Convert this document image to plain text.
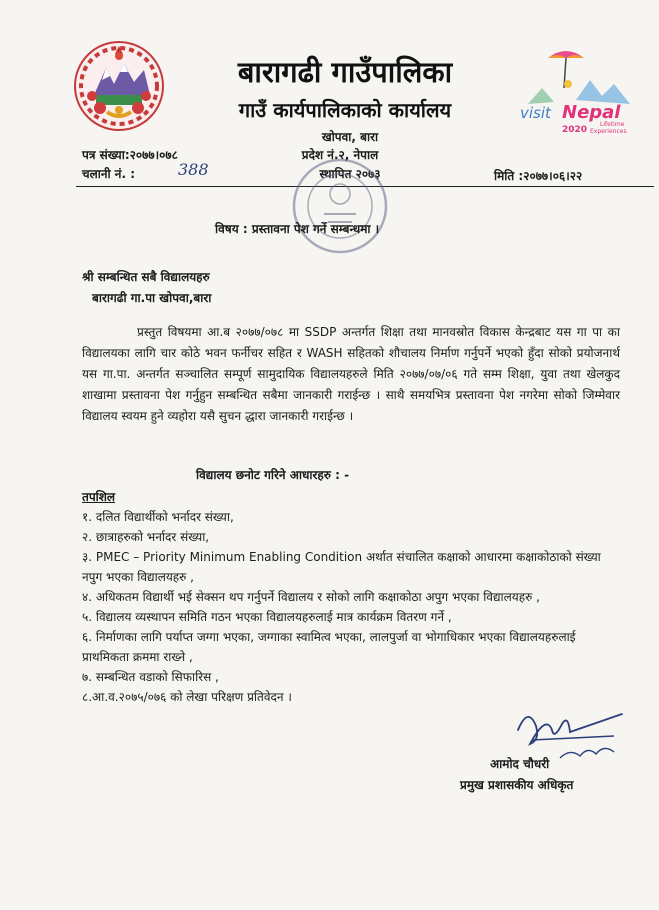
बारागढी गाउँपालिका
गाउँ कार्यपालिकाको कार्यालय
खोपवा, बारा
प्रदेश नं.२, नेपाल
स्थापित २०७३
visit Nepal
2020
Lifetime
Experiences
पत्र संख्या:२०७७।०७८
चलानी नं. :	388	मिति :२०७७।०६।२२
विषय : प्रस्तावना पेश गर्ने सम्बन्धमा ।
श्री सम्बन्धित सबै विद्यालयहरु
बारागढी गा.पा खोपवा,बारा

प्रस्तुत विषयमा आ.ब २०७७/०७८ मा SSDP अन्तर्गत शिक्षा तथा मानवस्रोत विकास केन्द्रबाट यस गा पा का विद्यालयका लागि चार कोठे भवन फर्नीचर सहित र WASH सहितको शौचालय निर्माण गर्नुपर्ने भएको हुँदा सोको प्रयोजनार्थ यस गा.पा. अन्तर्गत सञ्चालित सम्पूर्ण सामुदायिक विद्यालयहरुले मिति २०७७/०७/०६ गते सम्म शिक्षा, युवा तथा खेलकुद शाखामा प्रस्तावना पेश गर्नुहुन सम्बन्धित सबैमा जानकारी गराईन्छ । साथै समयभित्र प्रस्तावना पेश नगरेमा सोको जिम्मेवार विद्यालय स्वयम हुने व्यहोरा यसै सुचन द्धारा जानकारी गराईन्छ ।

विद्यालय छनोट गरिने आधारहरु : -
तपशिल
१. दलित विद्यार्थीको भर्नादर संख्या,
२. छात्राहरुको भर्नादर संख्या,
३. PMEC – Priority Minimum Enabling Condition अर्थात संचालित कक्षाको आधारमा कक्षाकोठाको संख्या नपुग भएका विद्यालयहरु ,
४. अधिकतम विद्यार्थी भई सेक्सन थप गर्नुपर्ने विद्यालय र सोको लागि कक्षाकोठा अपुग भएका विद्यालयहरु ,
५. विद्यालय व्यस्थापन समिति गठन भएका विद्यालयहरुलाई मात्र कार्यक्रम वितरण गर्ने ,
६. निर्माणका लागि पर्याप्त जग्गा भएका, जग्गाका स्वामित्व भएका, लालपुर्जा वा भोगाधिकार भएका विद्यालयहरुलाई प्राथमिकता क्रममा राख्ने ,
७. सम्बन्धित वडाको सिफारिस ,
८.आ.व.२०७५/०७६ को लेखा परिक्षण प्रतिवेदन ।
आमोद चौधरी
प्रमुख प्रशासकीय अधिकृत
